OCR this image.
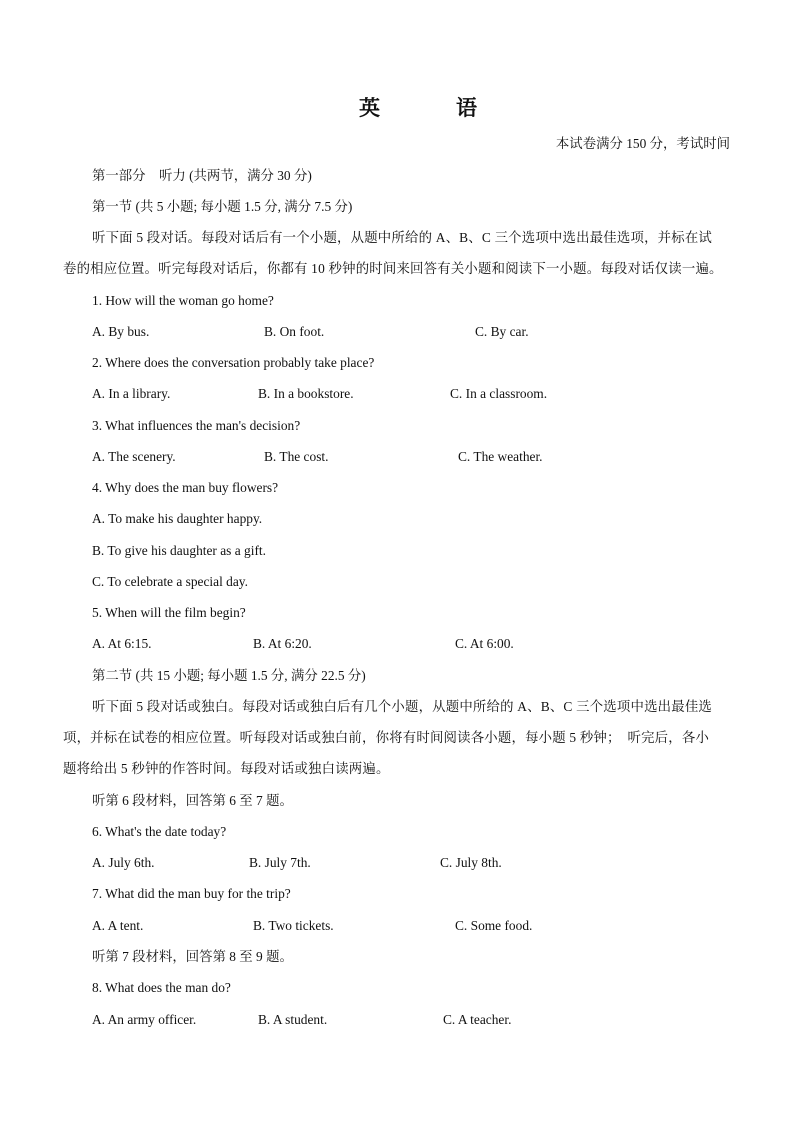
英	语
本试卷满分 150 分，考试时间
第一部分　听力 (共两节，满分 30 分)
第一节 (共 5 小题; 每小题 1.5 分, 满分 7.5 分)
听下面 5 段对话。每段对话后有一个小题，从题中所给的 A、B、C 三个选项中选出最佳选项，并标在试
卷的相应位置。听完每段对话后，你都有 10 秒钟的时间来回答有关小题和阅读下一小题。每段对话仅读一遍。
1. How will the woman go home?
A. By bus.	B. On foot.	C. By car.
2. Where does the conversation probably take place?
A. In a library.	B. In a bookstore.	C. In a classroom.
3. What influences the man's decision?
A. The scenery.	B. The cost.	C. The weather.
4. Why does the man buy flowers?
A. To make his daughter happy.
B. To give his daughter as a gift.
C. To celebrate a special day.
5. When will the film begin?
A. At 6:15.	B. At 6:20.	C. At 6:00.
第二节 (共 15 小题; 每小题 1.5 分, 满分 22.5 分)
听下面 5 段对话或独白。每段对话或独白后有几个小题，从题中所给的 A、B、C 三个选项中选出最佳选
项，并标在试卷的相应位置。听每段对话或独白前，你将有时间阅读各小题，每小题 5 秒钟；　听完后，各小
题将给出 5 秒钟的作答时间。每段对话或独白读两遍。
听第 6 段材料，回答第 6 至 7 题。
6. What's the date today?
A. July 6th.	B. July 7th.	C. July 8th.
7. What did the man buy for the trip?
A. A tent.	B. Two tickets.	C. Some food.
听第 7 段材料，回答第 8 至 9 题。
8. What does the man do?
A. An army officer.	B. A student.	C. A teacher.
